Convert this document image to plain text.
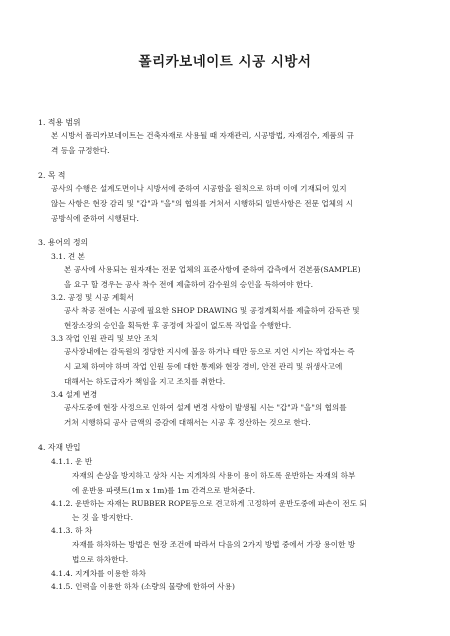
폴리카보네이트 시공 시방서
1. 적용 범위
본 시방서 폴리카보네이트는 건축자재로 사용될 때 자재관리, 시공방법, 자재검수, 제품의 규
격 등을 규정한다.
2. 목 적
공사의 수행은 설계도면이나 시방서에 준하여 시공함을 원칙으로 하며 이에 기재되어 있지
않는 사항은 현장 감리 및 "갑"과 "을"의 협의를 거쳐서 시행하되 일반사항은 전문 업체의 시
공방식에 준하여 시행된다.
3. 용어의 정의
3.1. 견 본
본 공사에 사용되는 원자재는 전문 업체의 표준사항에 준하여 갑측에서 견본품(SAMPLE)
을 요구 할 경우는 공사 착수 전에 제출하여 감수원의 승인을 득하여야 한다.
3.2. 공정 및 시공 계획서
공사 착공 전에는 시공에 필요한 SHOP DRAWING 및 공정계획서를 제출하여 감독관 및
현장소장의 승인을 획득한 후 공정에 차질이 없도록 작업을 수행한다.
3.3 작업 인원 관리 및 보안 조치
공사장내에는 감독원의 정당한 지시에 불응 하거나 태만 등으로 지연 시키는 작업자는 즉
시 교체 하여야 하며 작업 인원 등에 대한 통제와 현장 경비, 안전 관리 및 위생사고에
대해서는 하도급자가 책임을 지고 조치를 취한다.
3.4 설계 변경
공사도중에 현장 사정으로 인하여 설계 변경 사항이 발생될 시는 "갑"과 "을"의 협의를
거쳐 시행하되 공사 금액의 증감에 대해서는 시공 후 정산하는 것으로 한다.
4. 자재 반입
4.1.1. 운 반
자재의 손상을 방지하고 상차 시는 지게차의 사용이 용이 하도록 운반하는 자재의 하부
에 운반용 파렛트(1m x 1m)를 1m 간격으로 받쳐준다.
4.1.2. 운반하는 자재는 RUBBER ROPE등으로 견고하게 고정하여 운반도중에 파손이 전도 되
는 것 을 방지한다.
4.1.3. 하 차
자재를 하차하는 방법은 현장 조건에 따라서 다음의 2가지 방법 중에서 가장 용이한 방
법으로 하차한다.
4.1.4. 지게차를 이용한 하차
4.1.5. 인력을 이용한 하차 (소량의 물량에 한하여 사용)
